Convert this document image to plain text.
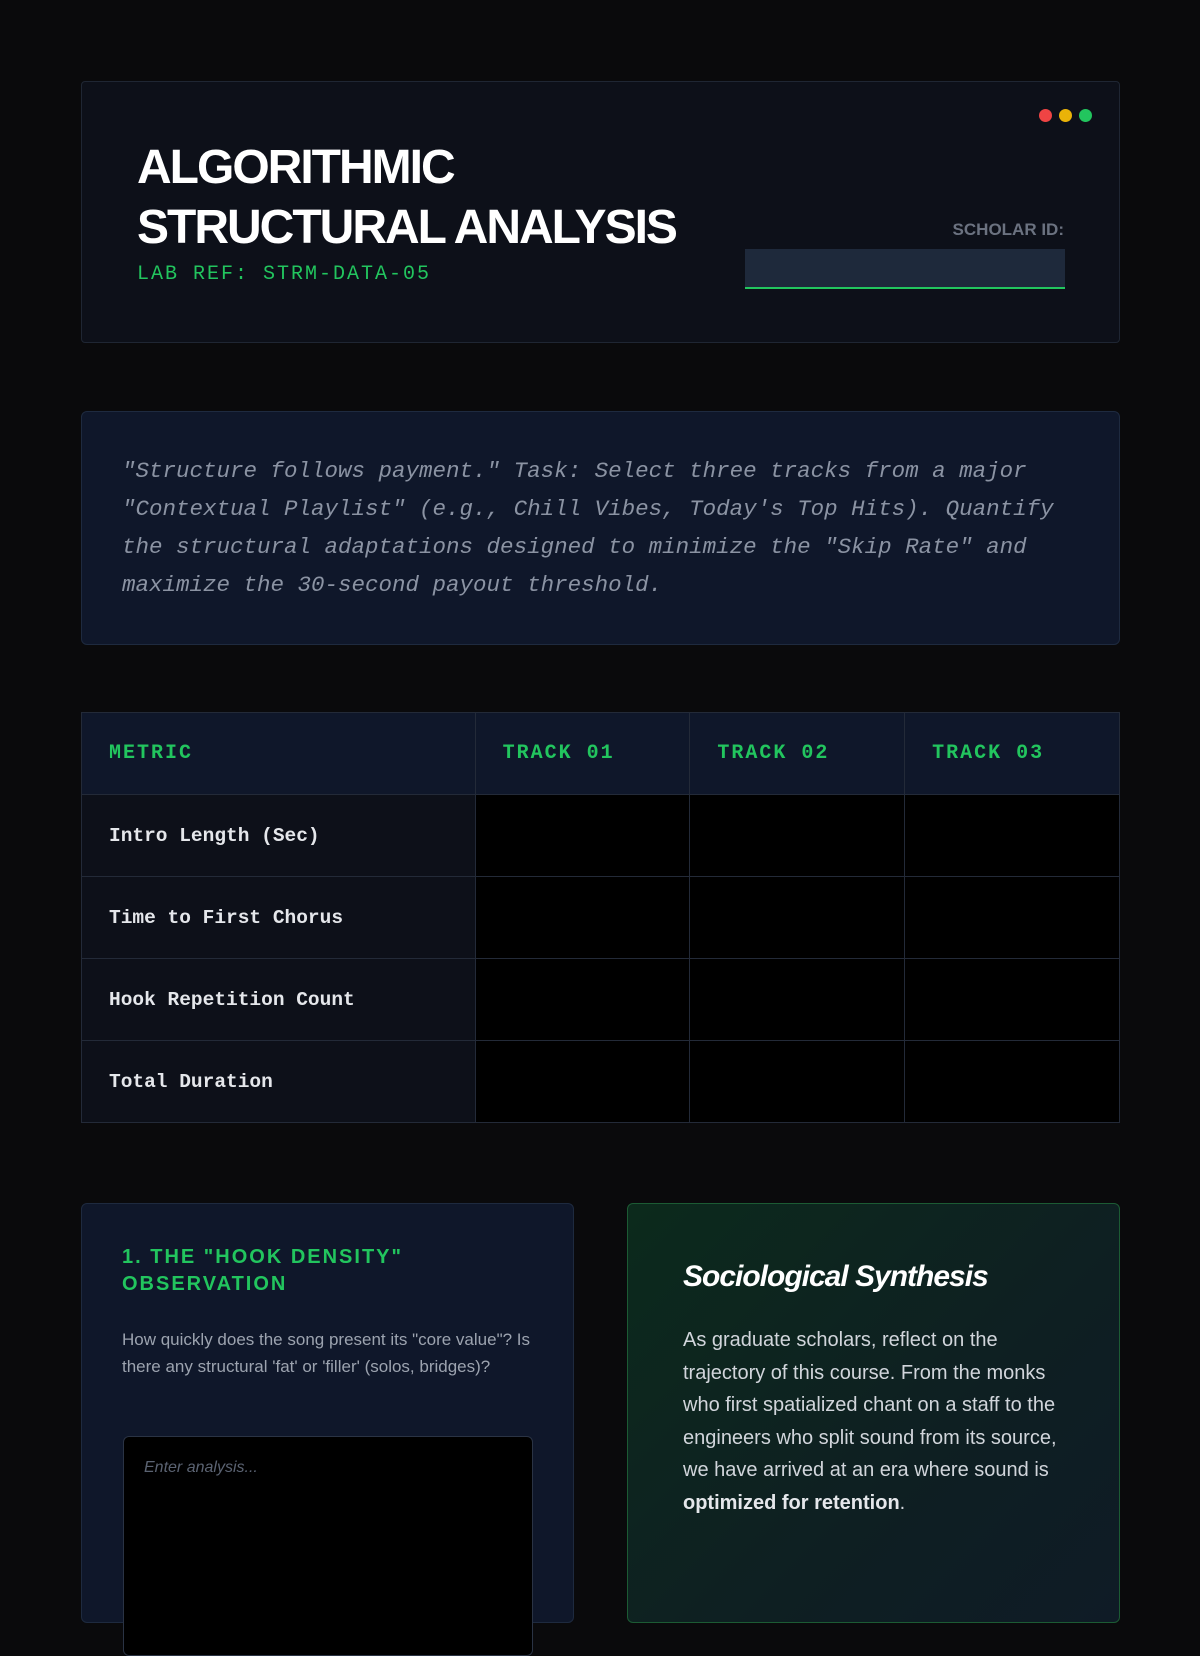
ALGORITHMIC
STRUCTURAL ANALYSIS
LAB REF: STRM-DATA-05
SCHOLAR ID:

"Structure follows payment." Task: Select three tracks from a major "Contextual Playlist" (e.g., Chill Vibes, Today's Top Hits). Quantify the structural adaptations designed to minimize the "Skip Rate" and maximize the 30-second payout threshold.

METRIC	TRACK 01	TRACK 02	TRACK 03
Intro Length (Sec)			
Time to First Chorus			
Hook Repetition Count			
Total Duration			
1. THE "HOOK DENSITY" OBSERVATION

How quickly does the song present its "core value"? Is there any structural 'fat' or 'filler' (solos, bridges)?

Enter analysis...
Sociological Synthesis

As graduate scholars, reflect on the trajectory of this course. From the monks who first spatialized chant on a staff to the engineers who split sound from its source, we have arrived at an era where sound is optimized for retention.
